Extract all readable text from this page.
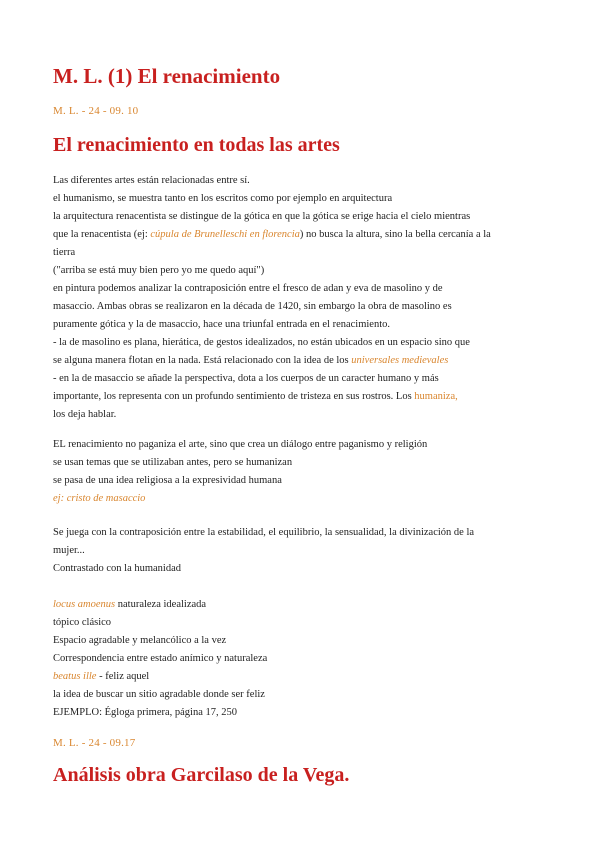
M. L. (1) El renacimiento
M. L. - 24 - 09. 10
El renacimiento en todas las artes
Las diferentes artes están relacionadas entre sí.
el humanismo, se muestra tanto en los escritos como por ejemplo en arquitectura
la arquitectura renacentista se distingue de la gótica en que la gótica se erige hacia el cielo mientras
que la renacentista (ej: cúpula de Brunelleschi en florencia) no busca la altura, sino la bella cercanía a la
tierra
("arriba se está muy bien pero yo me quedo aquí")
en pintura podemos analizar la contraposición entre el fresco de adan y eva de masolino y de
masaccio. Ambas obras se realizaron en la década de 1420, sin embargo la obra de masolino es
puramente gótica y la de masaccio, hace una triunfal entrada en el renacimiento.
- la de masolino es plana, hierática, de gestos idealizados, no están ubicados en un espacio sino que
se alguna manera flotan en la nada. Está relacionado con la idea de los universales medievales
- en la de masaccio se añade la perspectiva, dota a los cuerpos de un caracter humano y más
importante, los representa con un profundo sentimiento de tristeza en sus rostros. Los humaniza,
los deja hablar.
EL renacimiento no paganiza el arte, sino que crea un diálogo entre paganismo y religión
se usan temas que se utilizaban antes, pero se humanizan
se pasa de una idea religiosa a la expresividad humana
ej: cristo de masaccio
Se juega con la contraposición entre la estabilidad, el equilibrio, la sensualidad, la divinización de la
mujer...
Contrastado con la humanidad
locus amoenus naturaleza idealizada
tópico clásico
Espacio agradable y melancólico a la vez
Correspondencia entre estado anímico y naturaleza
beatus ille - feliz aquel
la idea de buscar un sitio agradable donde ser feliz
EJEMPLO: Égloga primera, página 17, 250
M. L. - 24 - 09.17
Análisis obra Garcilaso de la Vega.
